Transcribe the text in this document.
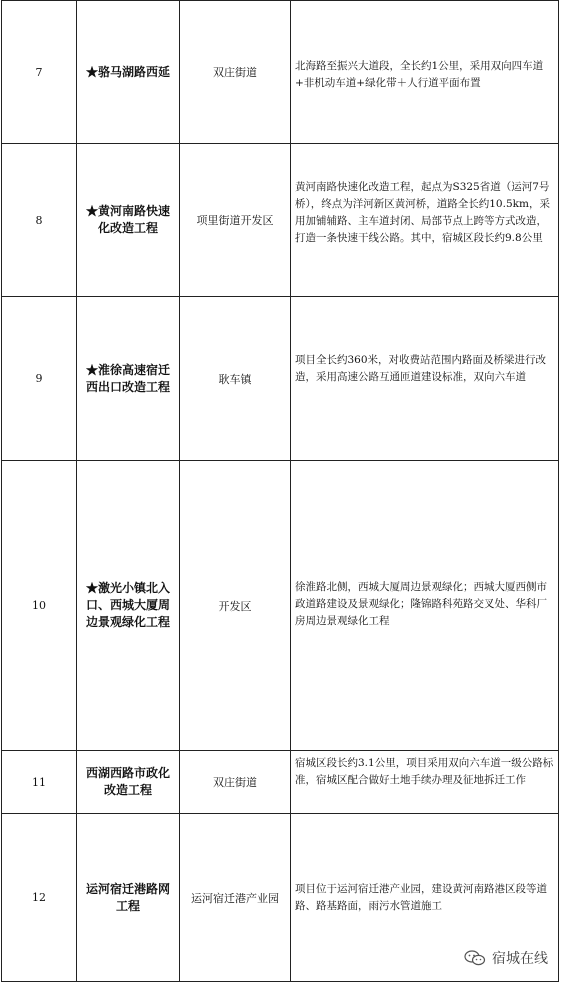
7	★骆马湖路西延	双庄街道	北海路至振兴大道段，全长约1公里，采用双向四车道+非机动车道+绿化带＋人行道平面布置
8	★黄河南路快速化改造工程	项里街道开发区	黄河南路快速化改造工程，起点为S325省道（运河7号桥），终点为洋河新区黄河桥，道路全长约10.5km，采用加铺辅路、主车道封闭、局部节点上跨等方式改造，打造一条快速干线公路。其中，宿城区段长约9.8公里
9	★淮徐高速宿迁西出口改造工程	耿车镇	项目全长约360米，对收费站范围内路面及桥梁进行改造，采用高速公路互通匝道建设标准，双向六车道
10	★激光小镇北入口、西城大厦周边景观绿化工程	开发区	徐淮路北侧，西城大厦周边景观绿化；西城大厦西侧市政道路建设及景观绿化；隆锦路科苑路交叉处、华科厂房周边景观绿化工程
11	西湖西路市政化改造工程	双庄街道	宿城区段长约3.1公里，项目采用双向六车道一级公路标准，宿城区配合做好土地手续办理及征地拆迁工作
12	运河宿迁港路网工程	运河宿迁港产业园	项目位于运河宿迁港产业园，建设黄河南路港区段等道路、路基路面，雨污水管道施工
宿城在线
